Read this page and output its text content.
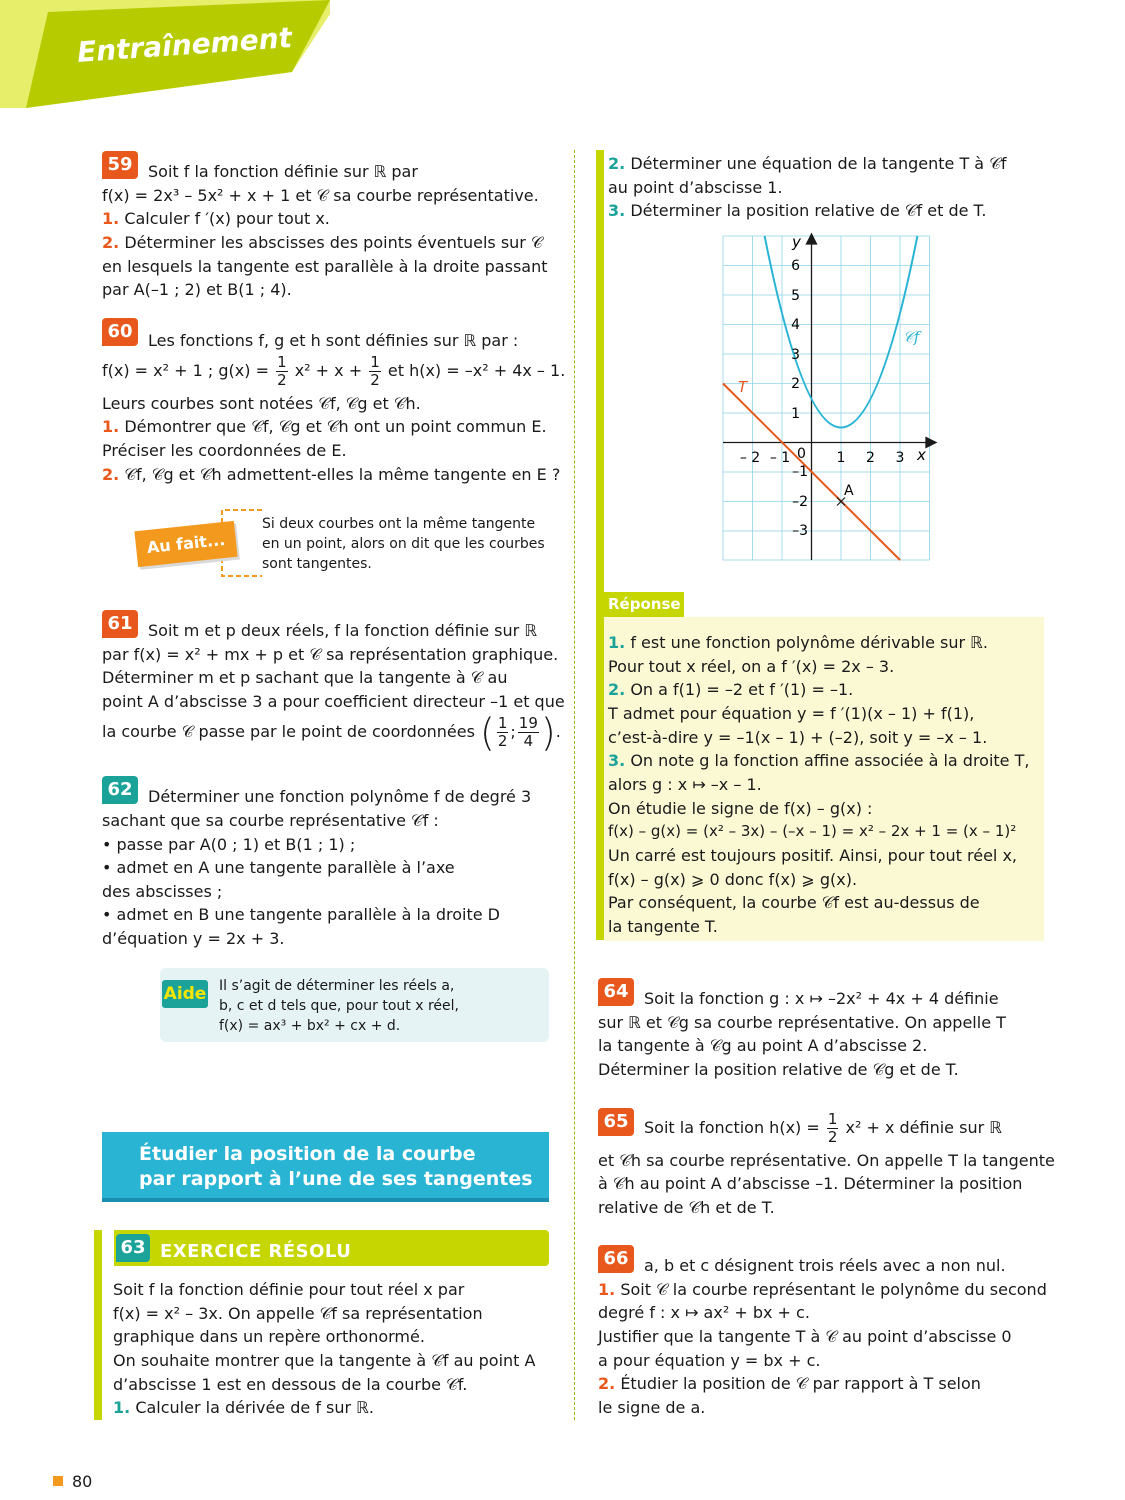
Entraînement
59 Soit f la fonction définie sur ℝ par
f(x) = 2x³ – 5x² + x + 1 et 𝒞 sa courbe représentative.
1. Calculer f ′(x) pour tout x.
2. Déterminer les abscisses des points éventuels sur 𝒞
en lesquels la tangente est parallèle à la droite passant
par A(–1 ; 2) et B(1 ; 4).
60 Les fonctions f, g et h sont définies sur ℝ par :
f(x) = x² + 1 ; $g(x) = \frac{1}{2} x^2 + x + \frac{1}{2}$ et h(x) = –x² + 4x – 1.
Leurs courbes sont notées 𝒞f, 𝒞g et 𝒞h.
1. Démontrer que 𝒞f, 𝒞g et 𝒞h ont un point commun E.
Préciser les coordonnées de E.
2. 𝒞f, 𝒞g et 𝒞h admettent-elles la même tangente en E ?
Au fait...
Si deux courbes ont la même tangente
en un point, alors on dit que les courbes
sont tangentes.
61 Soit m et p deux réels, f la fonction définie sur ℝ
par f(x) = x² + mx + p et 𝒞 sa représentation graphique.
Déterminer m et p sachant que la tangente à 𝒞 au
point A d’abscisse 3 a pour coefficient directeur –1 et que
la courbe 𝒞 passe par le point de coordonnées ( $\frac{1}{2}$ ; $\frac{19}{4}$ ).
62 Déterminer une fonction polynôme f de degré 3
sachant que sa courbe représentative 𝒞f :
• passe par A(0 ; 1) et B(1 ; 1) ;
• admet en A une tangente parallèle à l’axe
des abscisses ;
• admet en B une tangente parallèle à la droite D
d’équation y = 2x + 3.
Aide Il s’agit de déterminer les réels a,
b, c et d tels que, pour tout x réel,
f(x) = ax³ + bx² + cx + d.
Étudier la position de la courbe
par rapport à l’une de ses tangentes
63 EXERCICE RÉSOLU
Soit f la fonction définie pour tout réel x par
f(x) = x² – 3x. On appelle 𝒞f sa représentation
graphique dans un repère orthonormé.
On souhaite montrer que la tangente à 𝒞f au point A
d’abscisse 1 est en dessous de la courbe 𝒞f.
1. Calculer la dérivée de f sur ℝ.
2. Déterminer une équation de la tangente T à 𝒞f
au point d’abscisse 1.
3. Déterminer la position relative de 𝒞f et de T.
y
x
6
5
4
3
2
1
–1
–2
–3
– 2 – 1	1 2 3
0
𝒞f
T
A
Réponse
1. f est une fonction polynôme dérivable sur ℝ.
Pour tout x réel, on a f ′(x) = 2x – 3.
2. On a f(1) = –2 et f ′(1) = –1.
T admet pour équation y = f ′(1)(x – 1) + f(1),
c’est-à-dire y = –1(x – 1) + (–2), soit y = –x – 1.
3. On note g la fonction affine associée à la droite T,
alors g : x ↦ –x – 1.
On étudie le signe de f(x) – g(x) :
f(x) – g(x) = (x² – 3x) – (–x – 1) = x² – 2x + 1 = (x – 1)²
Un carré est toujours positif. Ainsi, pour tout réel x,
f(x) – g(x) ⩾ 0 donc f(x) ⩾ g(x).
Par conséquent, la courbe 𝒞f est au-dessus de
la tangente T.
64 Soit la fonction g : x ↦ –2x² + 4x + 4 définie
sur ℝ et 𝒞g sa courbe représentative. On appelle T
la tangente à 𝒞g au point A d’abscisse 2.
Déterminer la position relative de 𝒞g et de T.
65 Soit la fonction $h(x) = \frac{1}{2} x^2 + x$ définie sur ℝ
et 𝒞h sa courbe représentative. On appelle T la tangente
à 𝒞h au point A d’abscisse –1. Déterminer la position
relative de 𝒞h et de T.
66 a, b et c désignent trois réels avec a non nul.
1. Soit 𝒞 la courbe représentant le polynôme du second
degré f : x ↦ ax² + bx + c.
Justifier que la tangente T à 𝒞 au point d’abscisse 0
a pour équation y = bx + c.
2. Étudier la position de 𝒞 par rapport à T selon
le signe de a.
80
